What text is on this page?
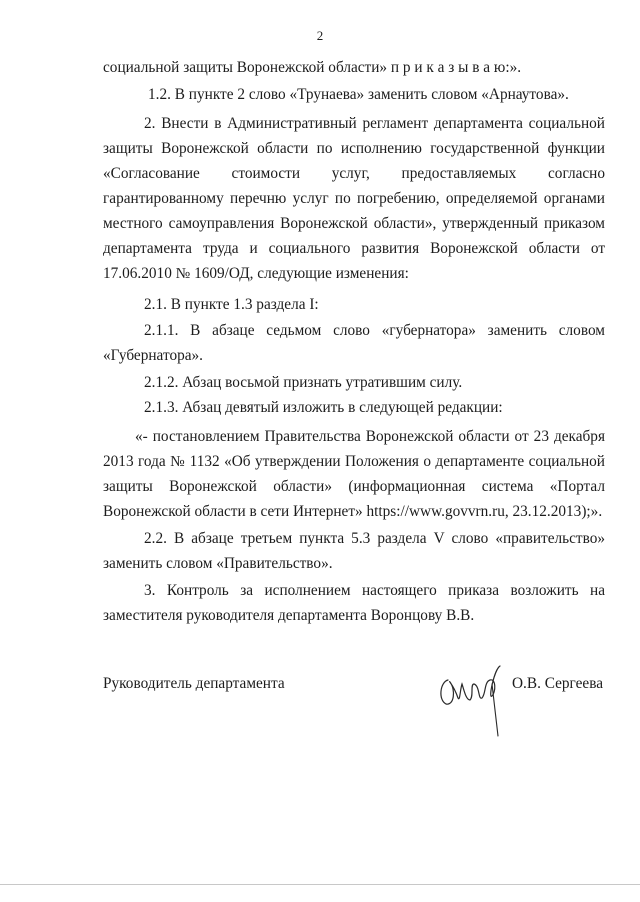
2

социальной защиты Воронежской области» п р и к а з ы в а ю:».

1.2. В пункте 2 слово «Трунаева» заменить словом «Арнаутова».

2. Внести в Административный регламент департамента социальной

защиты Воронежской области по исполнению государственной функции

«Согласование стоимости услуг, предоставляемых согласно

гарантированному перечню услуг по погребению, определяемой органами

местного самоуправления Воронежской области», утвержденный приказом

департамента труда и социального развития Воронежской области от

17.06.2010 № 1609/ОД, следующие изменения:

2.1. В пункте 1.3 раздела I:

2.1.1. В абзаце седьмом слово «губернатора» заменить словом

«Губернатора».

2.1.2. Абзац восьмой признать утратившим силу.

2.1.3. Абзац девятый изложить в следующей редакции:

«- постановлением Правительства Воронежской области от 23 декабря

2013 года № 1132 «Об утверждении Положения о департаменте социальной

защиты Воронежской области» (информационная система «Портал

Воронежской области в сети Интернет» https://www.govvrn.ru, 23.12.2013);».

2.2. В абзаце третьем пункта 5.3 раздела V слово «правительство»

заменить словом «Правительство».

3. Контроль за исполнением настоящего приказа возложить на

заместителя руководителя департамента Воронцову В.В.

Руководитель департамента	О.В. Сергеева
